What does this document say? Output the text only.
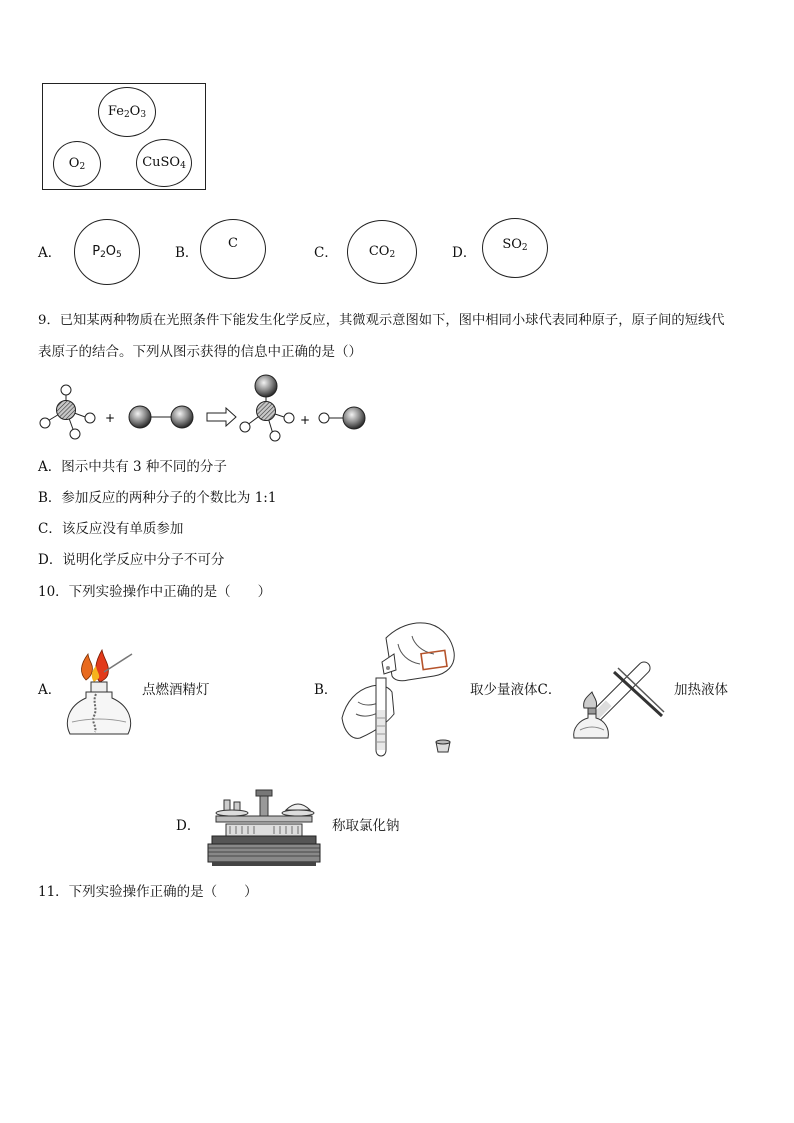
$Fe_2O_3$
$O_2$	CuSO$_4$
A． $P_2O_5$	B．
C
C． $CO_2$	D．
$SO_2$
9．已知某两种物质在光照条件下能发生化学反应，其微观示意图如下，图中相同小球代表同种原子，原子间的短线代
表原子的结合。下列从图示获得的信息中正确的是（）
+	+
A．图示中共有 3 种不同的分子
B．参加反应的两种分子的个数比为 1:1
C．该反应没有单质参加
D．说明化学反应中分子不可分
10．下列实验操作中正确的是（　　）
A．	点燃酒精灯	B．	取少量液体C．	加热液体
D．	称取氯化钠
11．下列实验操作正确的是（　　）
